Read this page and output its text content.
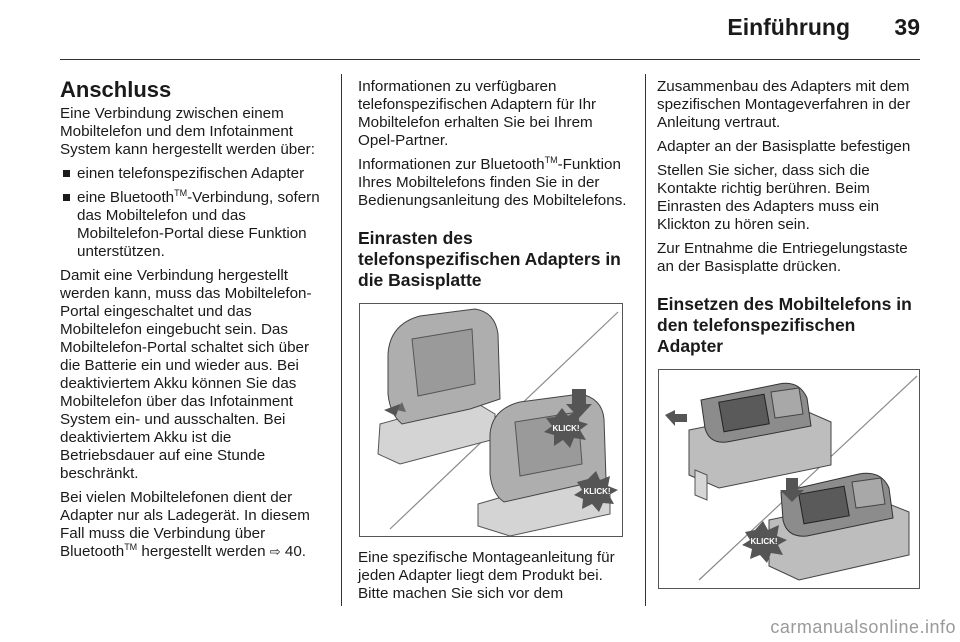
Einführung 39
Anschluss

Eine Verbindung zwischen einem Mobiltelefon und dem Infotainment System kann hergestellt werden über:

einen telefonspezifischen Adapter
eine Bluetooth™-Verbindung, sofern das Mobiltelefon und das Mobiltelefon-Portal diese Funktion unterstützen.

Damit eine Verbindung hergestellt werden kann, muss das Mobiltelefon-Portal eingeschaltet und das Mobiltelefon eingebucht sein. Das Mobiltelefon-Portal schaltet sich über die Batterie ein und wieder aus. Bei deaktiviertem Akku können Sie das Mobiltelefon über das Infotainment System ein- und ausschalten. Bei deaktiviertem Akku ist die Betriebsdauer auf eine Stunde beschränkt.

Bei vielen Mobiltelefonen dient der Adapter nur als Ladegerät. In diesem Fall muss die Verbindung über Bluetooth™ hergestellt werden ⇨ 40.

Informationen zu verfügbaren telefonspezifischen Adaptern für Ihr Mobiltelefon erhalten Sie bei Ihrem Opel-Partner.

Informationen zur Bluetooth™-Funktion Ihres Mobiltelefons finden Sie in der Bedienungsanleitung des Mobiltelefons.

Einrasten des telefonspezifischen Adapters in die Basisplatte
KLICK!
KLICK!

Eine spezifische Montageanleitung für jeden Adapter liegt dem Produkt bei. Bitte machen Sie sich vor dem

Zusammenbau des Adapters mit dem spezifischen Montageverfahren in der Anleitung vertraut.

Adapter an der Basisplatte befestigen

Stellen Sie sicher, dass sich die Kontakte richtig berühren. Beim Einrasten des Adapters muss ein Klickton zu hören sein.

Zur Entnahme die Entriegelungstaste an der Basisplatte drücken.

Einsetzen des Mobiltelefons in den telefonspezifischen Adapter
KLICK!
carmanualsonline.info
